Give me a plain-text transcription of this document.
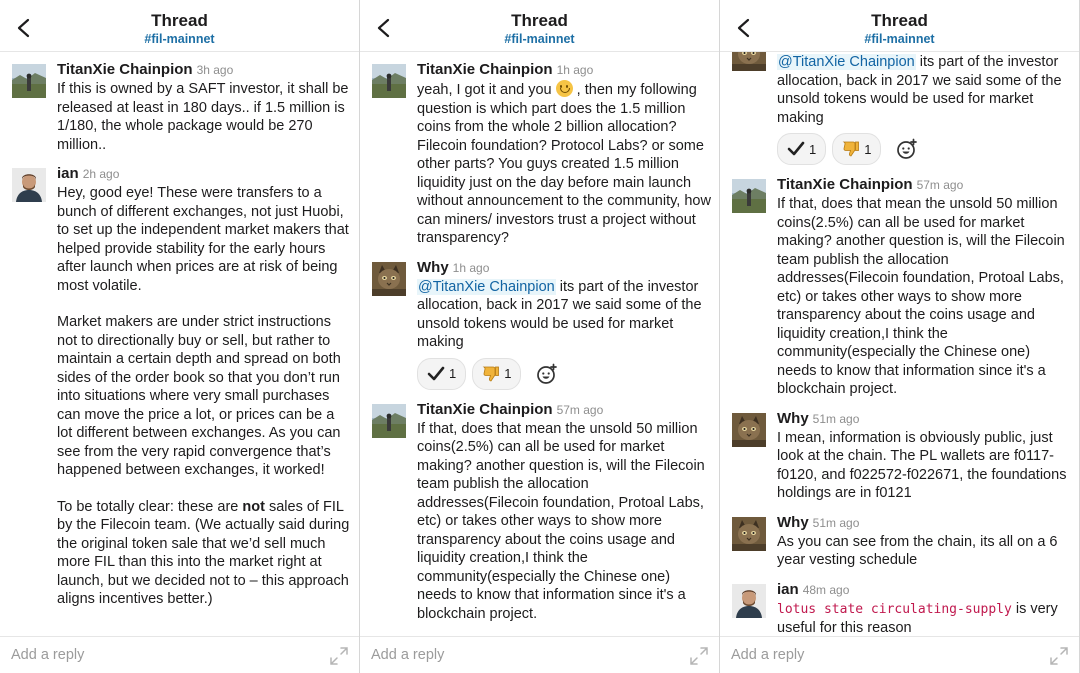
Thread
#fil-mainnet
TitanXie Chainpion 3h ago
If this is owned by a SAFT investor, it shall be released at least in 180 days.. if 1.5 million is 1/180, the whole package would be 270 million..
ian 2h ago
Hey, good eye! These were transfers to a bunch of different exchanges, not just Huobi, to set up the independent market makers that helped provide stability for the early hours after launch when prices are at risk of being most volatile.
Market makers are under strict instructions not to directionally buy or sell, but rather to maintain a certain depth and spread on both sides of the order book so that you don’t run into situations where very small purchases can move the price a lot, or prices can be a lot different between exchanges. As you can see from the very rapid convergence that’s happened between exchanges, it worked!
To be totally clear: these are not sales of FIL by the Filecoin team. (We actually said during the original token sale that we’d sell much more FIL than this into the market right at launch, but we decided not to – this approach aligns incentives better.)
Add a reply
Thread
#fil-mainnet
TitanXie Chainpion 1h ago
yeah, I got it and you  , then my following question is which part does the 1.5 million coins from the whole 2 billion allocation? Filecoin foundation? Protocol Labs? or some other parts? You guys created 1.5 million liquidity just on the day before main launch without announcement to the community, how can miners/ investors trust a project without transparency?
Why 1h ago
@TitanXie Chainpion its part of the investor allocation, back in 2017 we said some of the unsold tokens would be used for market making
1	1
TitanXie Chainpion 57m ago
If that, does that mean the unsold 50 million coins(2.5%) can all be used for market making? another question is, will the Filecoin team publish the allocation addresses(Filecoin foundation, Protoal Labs, etc) or takes other ways to show more transparency about the coins usage and liquidity creation,I think the community(especially the Chinese one) needs to know that information since it's a blockchain project.
Add a reply
Thread
#fil-mainnet
@TitanXie Chainpion its part of the investor allocation, back in 2017 we said some of the unsold tokens would be used for market making
1	1
TitanXie Chainpion 57m ago
If that, does that mean the unsold 50 million coins(2.5%) can all be used for market making? another question is, will the Filecoin team publish the allocation addresses(Filecoin foundation, Protoal Labs, etc) or takes other ways to show more transparency about the coins usage and liquidity creation,I think the community(especially the Chinese one) needs to know that information since it's a blockchain project.
Why 51m ago
I mean, information is obviously public, just look at the chain. The PL wallets are f0117-f0120, and f022572-f022671, the foundations holdings are in f0121
Why 51m ago
As you can see from the chain, its all on a 6 year vesting schedule
ian 48m ago
lotus state circulating-supply is very useful for this reason
Add a reply
